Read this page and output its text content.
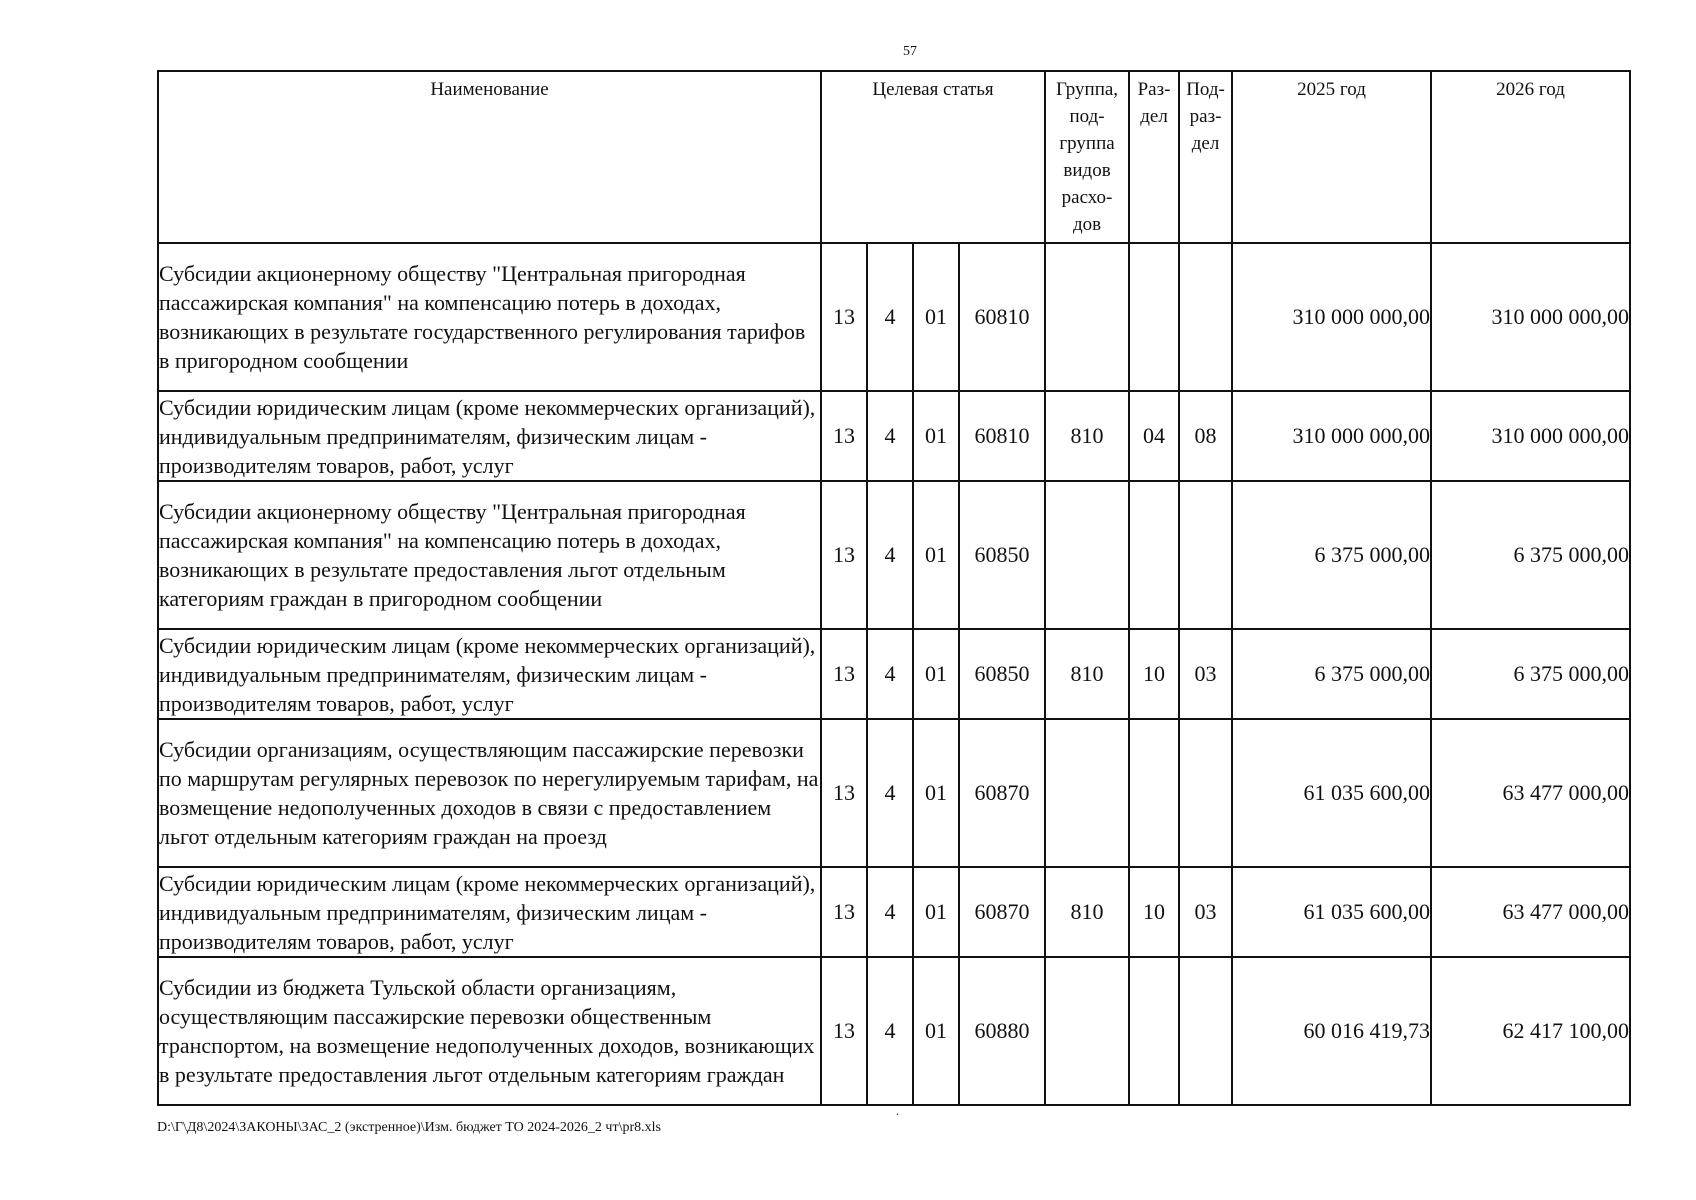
57
Наименование	Целевая статья				Группа, под- группа видов расхо- дов	Раз- дел	Под- раз- дел	2025 год	2026 год
Субсидии акционерному обществу "Центральная пригородная пассажирская компания" на компенсацию потерь в доходах, возникающих в результате государственного регулирования тарифов в пригородном сообщении	13	4	01	60810				310 000 000,00	310 000 000,00
Субсидии юридическим лицам (кроме некоммерческих организаций), индивидуальным предпринимателям, физическим лицам - производителям товаров, работ, услуг	13	4	01	60810	810	04	08	310 000 000,00	310 000 000,00
Субсидии акционерному обществу "Центральная пригородная пассажирская компания" на компенсацию потерь в доходах, возникающих в результате предоставления льгот отдельным категориям граждан в пригородном сообщении	13	4	01	60850				6 375 000,00	6 375 000,00
Субсидии юридическим лицам (кроме некоммерческих организаций), индивидуальным предпринимателям, физическим лицам - производителям товаров, работ, услуг	13	4	01	60850	810	10	03	6 375 000,00	6 375 000,00
Субсидии организациям, осуществляющим пассажирские перевозки по маршрутам регулярных перевозок по нерегулируемым тарифам, на возмещение недополученных доходов в связи с предоставлением льгот отдельным категориям граждан на проезд	13	4	01	60870				61 035 600,00	63 477 000,00
Субсидии юридическим лицам (кроме некоммерческих организаций), индивидуальным предпринимателям, физическим лицам - производителям товаров, работ, услуг	13	4	01	60870	810	10	03	61 035 600,00	63 477 000,00
Субсидии из бюджета Тульской области организациям, осуществляющим пассажирские перевозки общественным транспортом, на возмещение недополученных доходов, возникающих в результате предоставления льгот отдельным категориям граждан	13	4	01	60880				60 016 419,73	62 417 100,00
.
D:\Г\Д8\2024\ЗАКОНЫ\ЗАС_2 (экстренное)\Изм. бюджет ТО 2024-2026_2 чт\pr8.xls
